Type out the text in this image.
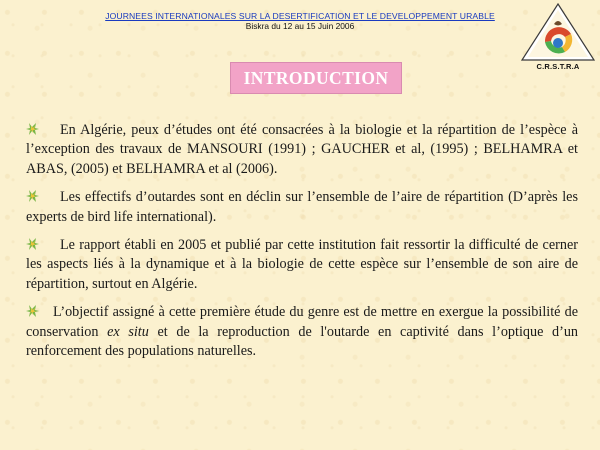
JOURNEES INTERNATIONALES SUR LA DESERTIFICATION ET LE DEVELOPPEMENT URABLE
Biskra du 12 au 15 Juin 2006
C.R.S.T.R.A
INTRODUCTION

En Algérie, peux d’études ont été consacrées à la biologie et la répartition de l’espèce à l’exception des travaux de MANSOURI (1991) ; GAUCHER et al, (1995) ; BELHAMRA et ABAS, (2005) et BELHAMRA et al (2006).

Les effectifs d’outardes sont en déclin sur l’ensemble de l’aire de répartition (D’après les experts de bird life international).

Le rapport établi en 2005 et publié par cette institution fait ressortir la difficulté de cerner les aspects liés à la dynamique et à la biologie de cette espèce sur l’ensemble de son aire de répartition, surtout en Algérie.

L’objectif assigné à cette première étude du genre est de mettre en exergue la possibilité de conservation ex situ et de la reproduction de l'outarde en captivité dans l’optique d’un renforcement des populations naturelles.
